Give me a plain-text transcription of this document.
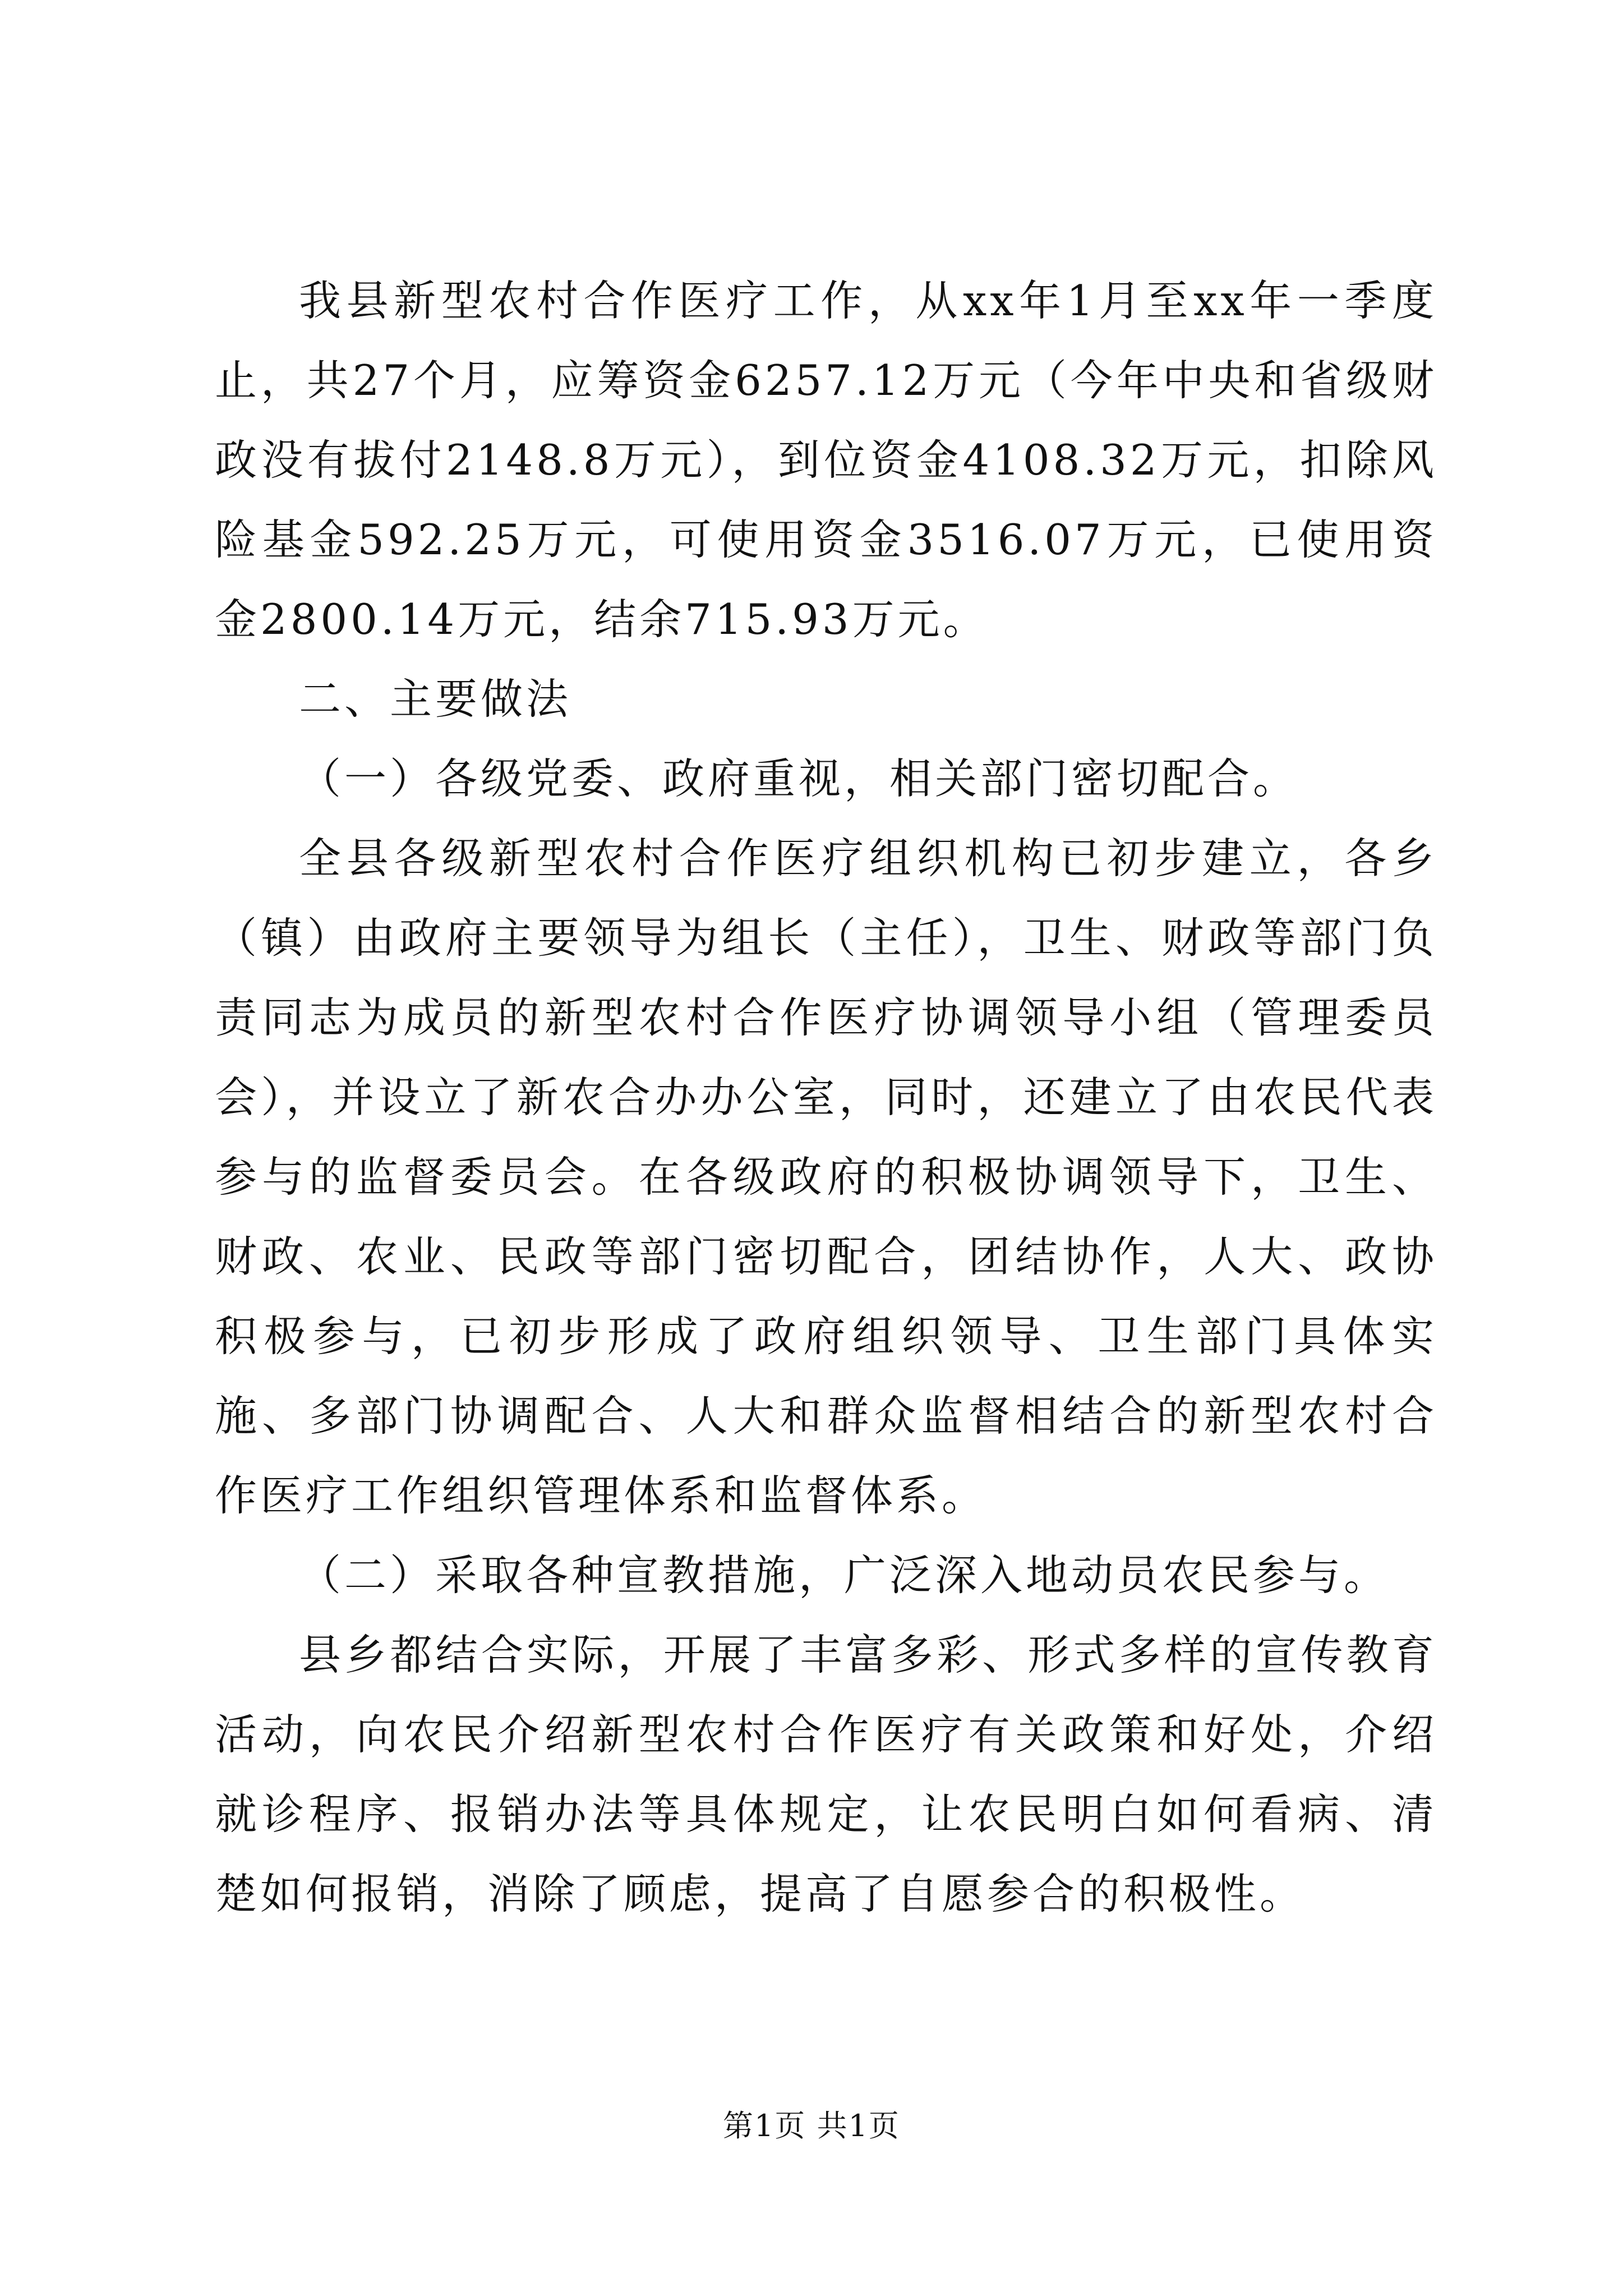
我县新型农村合作医疗工作，从xx年1月至xx年一季度止，共27个月，应筹资金6257.12万元（今年中央和省级财政没有拔付2148.8万元），到位资金4108.32万元，扣除风险基金592.25万元，可使用资金3516.07万元，已使用资金2800.14万元，结余715.93万元。

二、主要做法

（一）各级党委、政府重视，相关部门密切配合。

全县各级新型农村合作医疗组织机构已初步建立，各乡（镇）由政府主要领导为组长（主任），卫生、财政等部门负责同志为成员的新型农村合作医疗协调领导小组（管理委员会），并设立了新农合办办公室，同时，还建立了由农民代表参与的监督委员会。在各级政府的积极协调领导下，卫生、财政、农业、民政等部门密切配合，团结协作，人大、政协积极参与，已初步形成了政府组织领导、卫生部门具体实施、多部门协调配合、人大和群众监督相结合的新型农村合作医疗工作组织管理体系和监督体系。

（二）采取各种宣教措施，广泛深入地动员农民参与。

县乡都结合实际，开展了丰富多彩、形式多样的宣传教育活动，向农民介绍新型农村合作医疗有关政策和好处，介绍就诊程序、报销办法等具体规定，让农民明白如何看病、清楚如何报销，消除了顾虑，提高了自愿参合的积极性。

第1页 共1页
